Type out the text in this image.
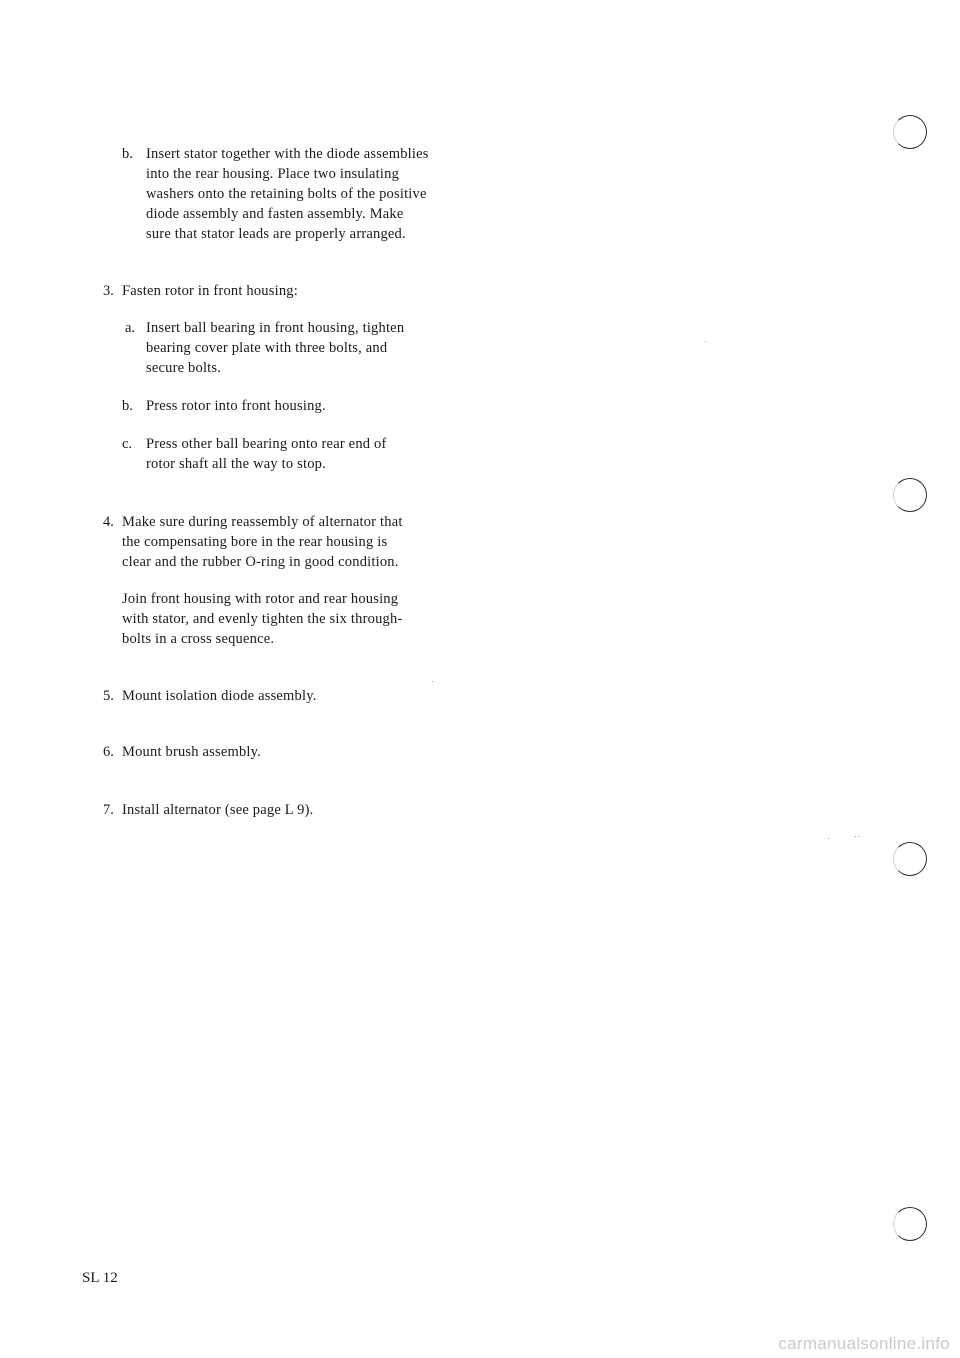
b. Insert stator together with the diode assemblies
into the rear housing. Place two insulating
washers onto the retaining bolts of the positive
diode assembly and fasten assembly. Make
sure that stator leads are properly arranged.
3. Fasten rotor in front housing:
a. Insert ball bearing in front housing, tighten
bearing cover plate with three bolts, and
secure bolts.
b. Press rotor into front housing.
c. Press other ball bearing onto rear end of
rotor shaft all the way to stop.
4. Make sure during reassembly of alternator that
the compensating bore in the rear housing is
clear and the rubber O-ring in good condition.
Join front housing with rotor and rear housing
with stator, and evenly tighten the six through-
bolts in a cross sequence.
5. Mount isolation diode assembly.
6. Mount brush assembly.
7. Install alternator (see page L 9).
SL 12
carmanualsonline.info
